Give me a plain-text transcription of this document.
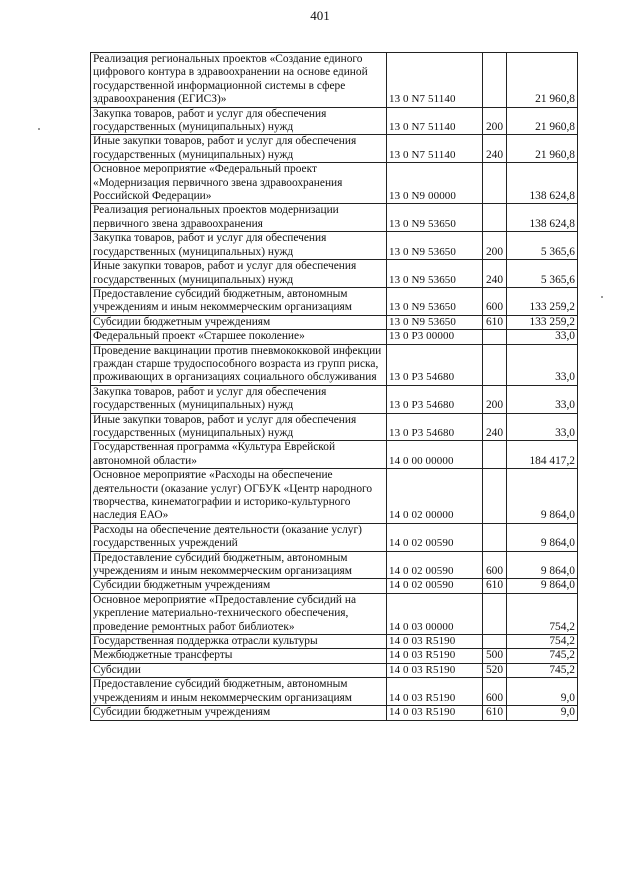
401
Реализация региональных проектов «Создание единого цифрового контура в здравоохранении на основе единой государственной информационной системы в сфере здравоохранения (ЕГИСЗ)»	13 0 N7 51140		21 960,8
Закупка товаров, работ и услуг для обеспечения государственных (муниципальных) нужд	13 0 N7 51140	200	21 960,8
Иные закупки товаров, работ и услуг для обеспечения государственных (муниципальных) нужд	13 0 N7 51140	240	21 960,8
Основное мероприятие «Федеральный проект «Модернизация первичного звена здравоохранения Российской Федерации»	13 0 N9 00000		138 624,8
Реализация региональных проектов модернизации первичного звена здравоохранения	13 0 N9 53650		138 624,8
Закупка товаров, работ и услуг для обеспечения государственных (муниципальных) нужд	13 0 N9 53650	200	5 365,6
Иные закупки товаров, работ и услуг для обеспечения государственных (муниципальных) нужд	13 0 N9 53650	240	5 365,6
Предоставление субсидий бюджетным, автономным учреждениям и иным некоммерческим организациям	13 0 N9 53650	600	133 259,2
Субсидии бюджетным учреждениям	13 0 N9 53650	610	133 259,2
Федеральный проект «Старшее поколение»	13 0 P3 00000		33,0
Проведение вакцинации против пневмококковой инфекции граждан старше трудоспособного возраста из групп риска, проживающих в организациях социального обслуживания	13 0 P3 54680		33,0
Закупка товаров, работ и услуг для обеспечения государственных (муниципальных) нужд	13 0 P3 54680	200	33,0
Иные закупки товаров, работ и услуг для обеспечения государственных (муниципальных) нужд	13 0 P3 54680	240	33,0
Государственная программа «Культура Еврейской автономной области»	14 0 00 00000		184 417,2
Основное мероприятие «Расходы на обеспечение деятельности (оказание услуг) ОГБУК «Центр народного творчества, кинематографии и историко-культурного наследия ЕАО»	14 0 02 00000		9 864,0
Расходы на обеспечение деятельности (оказание услуг) государственных учреждений	14 0 02 00590		9 864,0
Предоставление субсидий бюджетным, автономным учреждениям и иным некоммерческим организациям	14 0 02 00590	600	9 864,0
Субсидии бюджетным учреждениям	14 0 02 00590	610	9 864,0
Основное мероприятие «Предоставление субсидий на укрепление материально-технического обеспечения, проведение ремонтных работ библиотек»	14 0 03 00000		754,2
Государственная поддержка отрасли культуры	14 0 03 R5190		754,2
Межбюджетные трансферты	14 0 03 R5190	500	745,2
Субсидии	14 0 03 R5190	520	745,2
Предоставление субсидий бюджетным, автономным учреждениям и иным некоммерческим организациям	14 0 03 R5190	600	9,0
Субсидии бюджетным учреждениям	14 0 03 R5190	610	9,0
